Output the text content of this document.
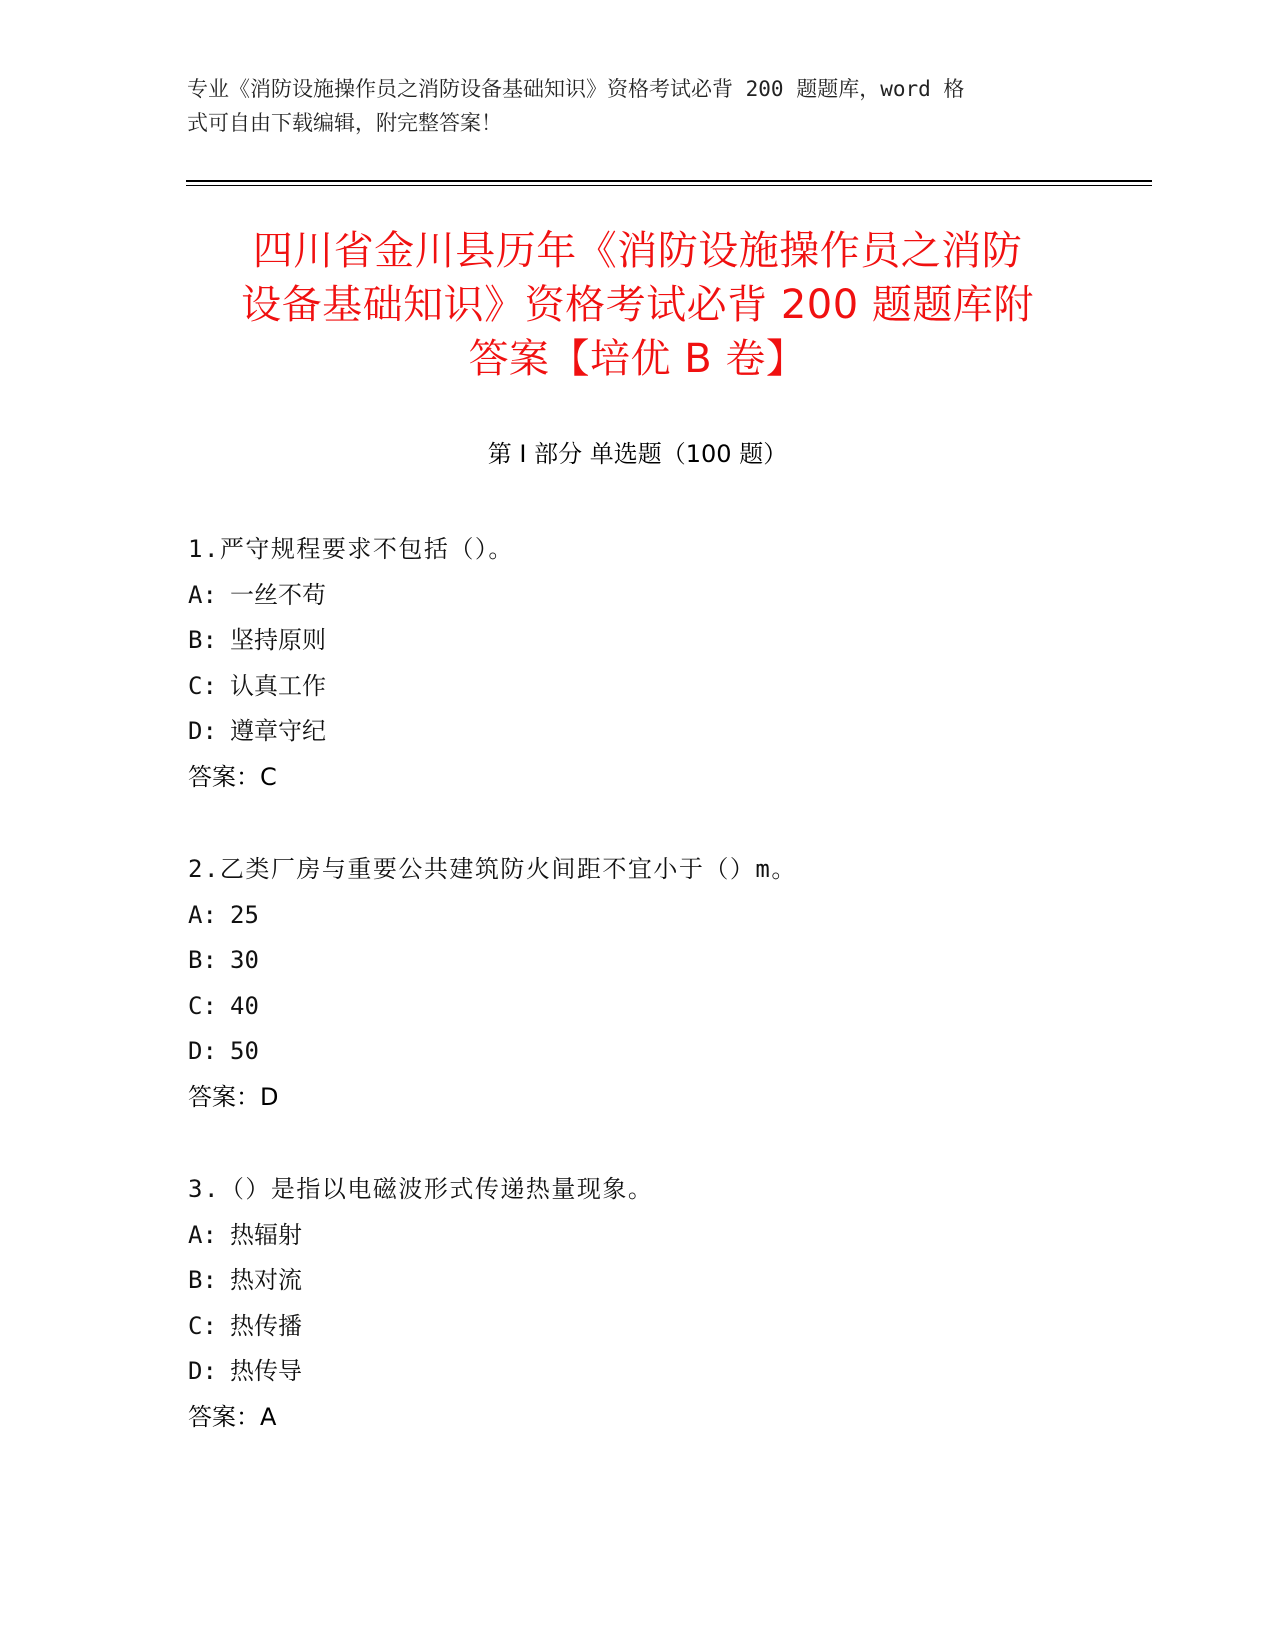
专业《消防设施操作员之消防设备基础知识》资格考试必背 200 题题库，word 格
式可自由下载编辑，附完整答案！
四川省金川县历年《消防设施操作员之消防
设备基础知识》资格考试必背 200 题题库附
答案【培优 B 卷】
第 I 部分 单选题（100 题）
1.严守规程要求不包括（）。
A: 一丝不苟
B: 坚持原则
C: 认真工作
D: 遵章守纪
答案：C
2.乙类厂房与重要公共建筑防火间距不宜小于（）m。
A: 25
B: 30
C: 40
D: 50
答案：D
3.（）是指以电磁波形式传递热量现象。
A: 热辐射
B: 热对流
C: 热传播
D: 热传导
答案：A
